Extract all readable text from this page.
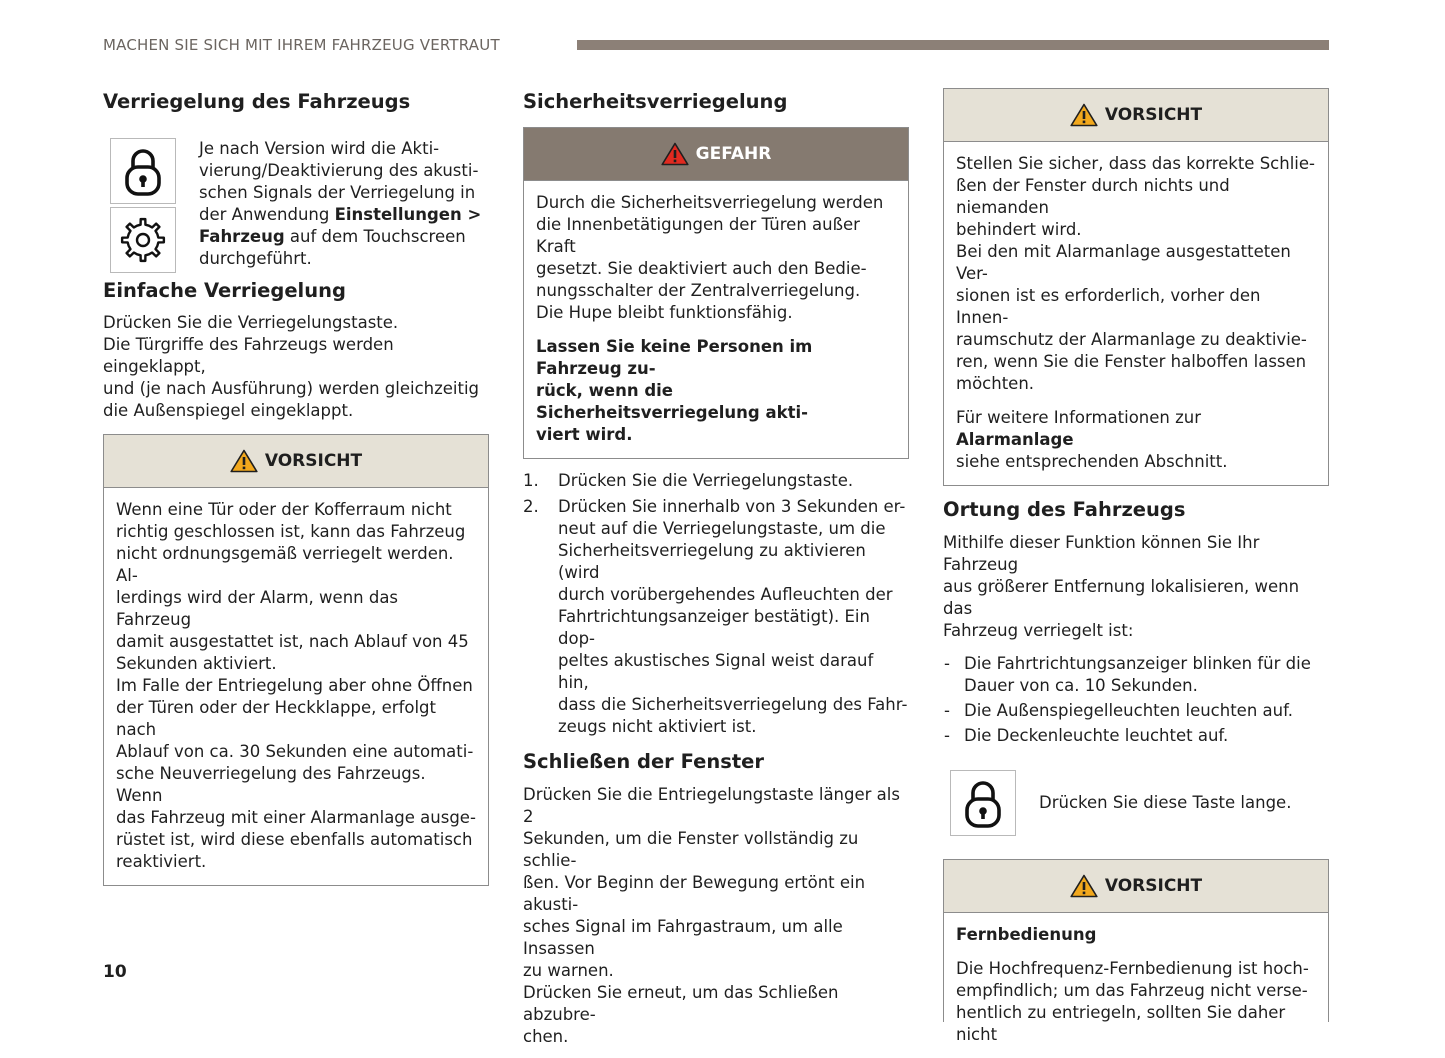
MACHEN SIE SICH MIT IHREM FAHRZEUG VERTRAUT
Verriegelung des Fahrzeugs
Je nach Version wird die Akti-
vierung/Deaktivierung des akusti-
schen Signals der Verriegelung in
der Anwendung Einstellungen >
Fahrzeug auf dem Touchscreen
durchgeführt.
Einfache Verriegelung
Drücken Sie die Verriegelungstaste.
Die Türgriffe des Fahrzeugs werden eingeklappt,
und (je nach Ausführung) werden gleichzeitig
die Außenspiegel eingeklappt.
VORSICHT
Wenn eine Tür oder der Kofferraum nicht
richtig geschlossen ist, kann das Fahrzeug
nicht ordnungsgemäß verriegelt werden. Al-
lerdings wird der Alarm, wenn das Fahrzeug
damit ausgestattet ist, nach Ablauf von 45
Sekunden aktiviert.
Im Falle der Entriegelung aber ohne Öffnen
der Türen oder der Heckklappe, erfolgt nach
Ablauf von ca. 30 Sekunden eine automati-
sche Neuverriegelung des Fahrzeugs. Wenn
das Fahrzeug mit einer Alarmanlage ausge-
rüstet ist, wird diese ebenfalls automatisch
reaktiviert.
Sicherheitsverriegelung
GEFAHR
Durch die Sicherheitsverriegelung werden
die Innenbetätigungen der Türen außer Kraft
gesetzt. Sie deaktiviert auch den Bedie-
nungsschalter der Zentralverriegelung.
Die Hupe bleibt funktionsfähig.
Lassen Sie keine Personen im Fahrzeug zu-
rück, wenn die Sicherheitsverriegelung akti-
viert wird.
1. Drücken Sie die Verriegelungstaste.
2. Drücken Sie innerhalb von 3 Sekunden er-
neut auf die Verriegelungstaste, um die
Sicherheitsverriegelung zu aktivieren (wird
durch vorübergehendes Aufleuchten der
Fahrtrichtungsanzeiger bestätigt). Ein dop-
peltes akustisches Signal weist darauf hin,
dass die Sicherheitsverriegelung des Fahr-
zeugs nicht aktiviert ist.
Schließen der Fenster
Drücken Sie die Entriegelungstaste länger als 2
Sekunden, um die Fenster vollständig zu schlie-
ßen. Vor Beginn der Bewegung ertönt ein akusti-
sches Signal im Fahrgastraum, um alle Insassen
zu warnen.
Drücken Sie erneut, um das Schließen abzubre-
chen.
VORSICHT
Stellen Sie sicher, dass das korrekte Schlie-
ßen der Fenster durch nichts und niemanden
behindert wird.
Bei den mit Alarmanlage ausgestatteten Ver-
sionen ist es erforderlich, vorher den Innen-
raumschutz der Alarmanlage zu deaktivie-
ren, wenn Sie die Fenster halboffen lassen
möchten.
Für weitere Informationen zur Alarmanlage
siehe entsprechenden Abschnitt.
Ortung des Fahrzeugs
Mithilfe dieser Funktion können Sie Ihr Fahrzeug
aus größerer Entfernung lokalisieren, wenn das
Fahrzeug verriegelt ist:
- Die Fahrtrichtungsanzeiger blinken für die
Dauer von ca. 10 Sekunden.
- Die Außenspiegelleuchten leuchten auf.
- Die Deckenleuchte leuchtet auf.
Drücken Sie diese Taste lange.
VORSICHT
Fernbedienung
Die Hochfrequenz-Fernbedienung ist hoch-
empfindlich; um das Fahrzeug nicht verse-
hentlich zu entriegeln, sollten Sie daher nicht
10
